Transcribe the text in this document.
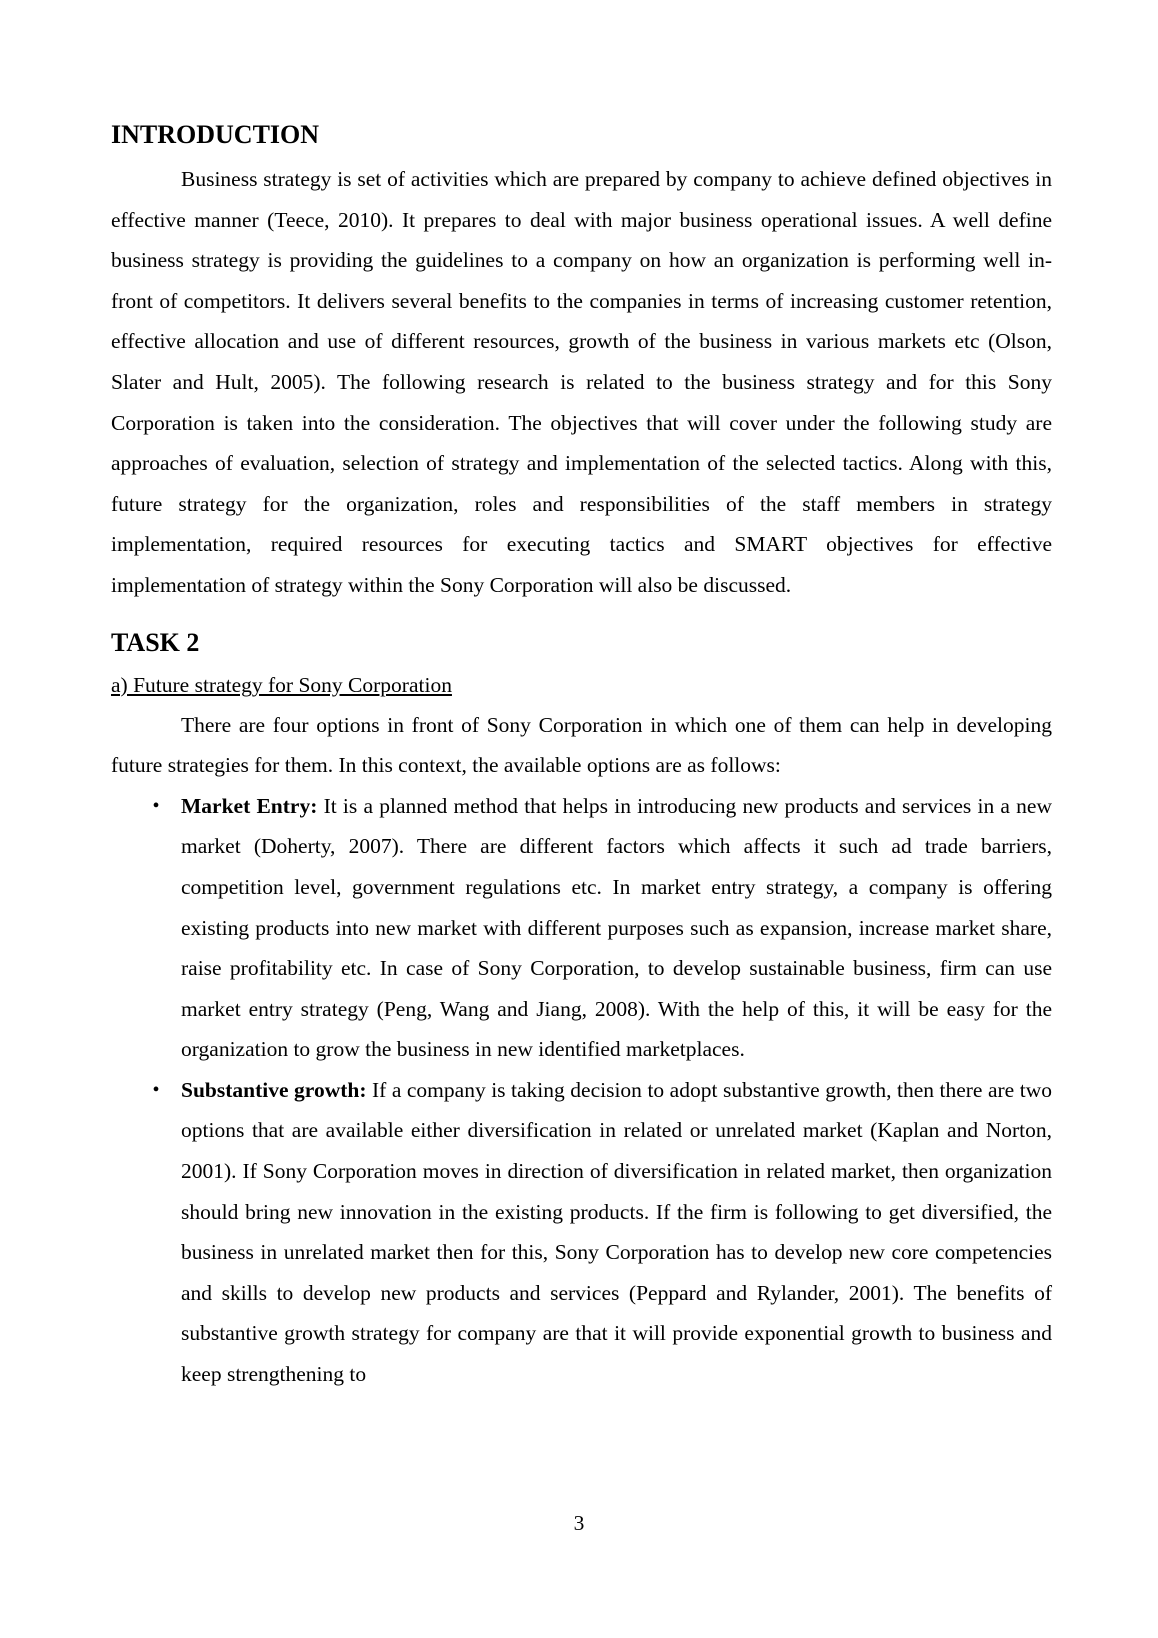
INTRODUCTION

Business strategy is set of activities which are prepared by company to achieve defined objectives in effective manner (Teece, 2010). It prepares to deal with major business operational issues. A well define business strategy is providing the guidelines to a company on how an organization is performing well in-front of competitors. It delivers several benefits to the companies in terms of increasing customer retention, effective allocation and use of different resources, growth of the business in various markets etc (Olson, Slater and Hult, 2005). The following research is related to the business strategy and for this Sony Corporation is taken into the consideration. The objectives that will cover under the following study are approaches of evaluation, selection of strategy and implementation of the selected tactics. Along with this, future strategy for the organization, roles and responsibilities of the staff members in strategy implementation, required resources for executing tactics and SMART objectives for effective implementation of strategy within the Sony Corporation will also be discussed.

TASK 2

a) Future strategy for Sony Corporation

There are four options in front of Sony Corporation in which one of them can help in developing future strategies for them. In this context, the available options are as follows:

•	Market Entry: It is a planned method that helps in introducing new products and services in a new market (Doherty, 2007). There are different factors which affects it such ad trade barriers, competition level, government regulations etc. In market entry strategy, a company is offering existing products into new market with different purposes such as expansion, increase market share, raise profitability etc. In case of Sony Corporation, to develop sustainable business, firm can use market entry strategy (Peng, Wang and Jiang, 2008). With the help of this, it will be easy for the organization to grow the business in new identified marketplaces.
•	Substantive growth: If a company is taking decision to adopt substantive growth, then there are two options that are available either diversification in related or unrelated market (Kaplan and Norton, 2001). If Sony Corporation moves in direction of diversification in related market, then organization should bring new innovation in the existing products. If the firm is following to get diversified, the business in unrelated market then for this, Sony Corporation has to develop new core competencies and skills to develop new products and services (Peppard and Rylander, 2001). The benefits of substantive growth strategy for company are that it will provide exponential growth to business and keep strengthening to
3
